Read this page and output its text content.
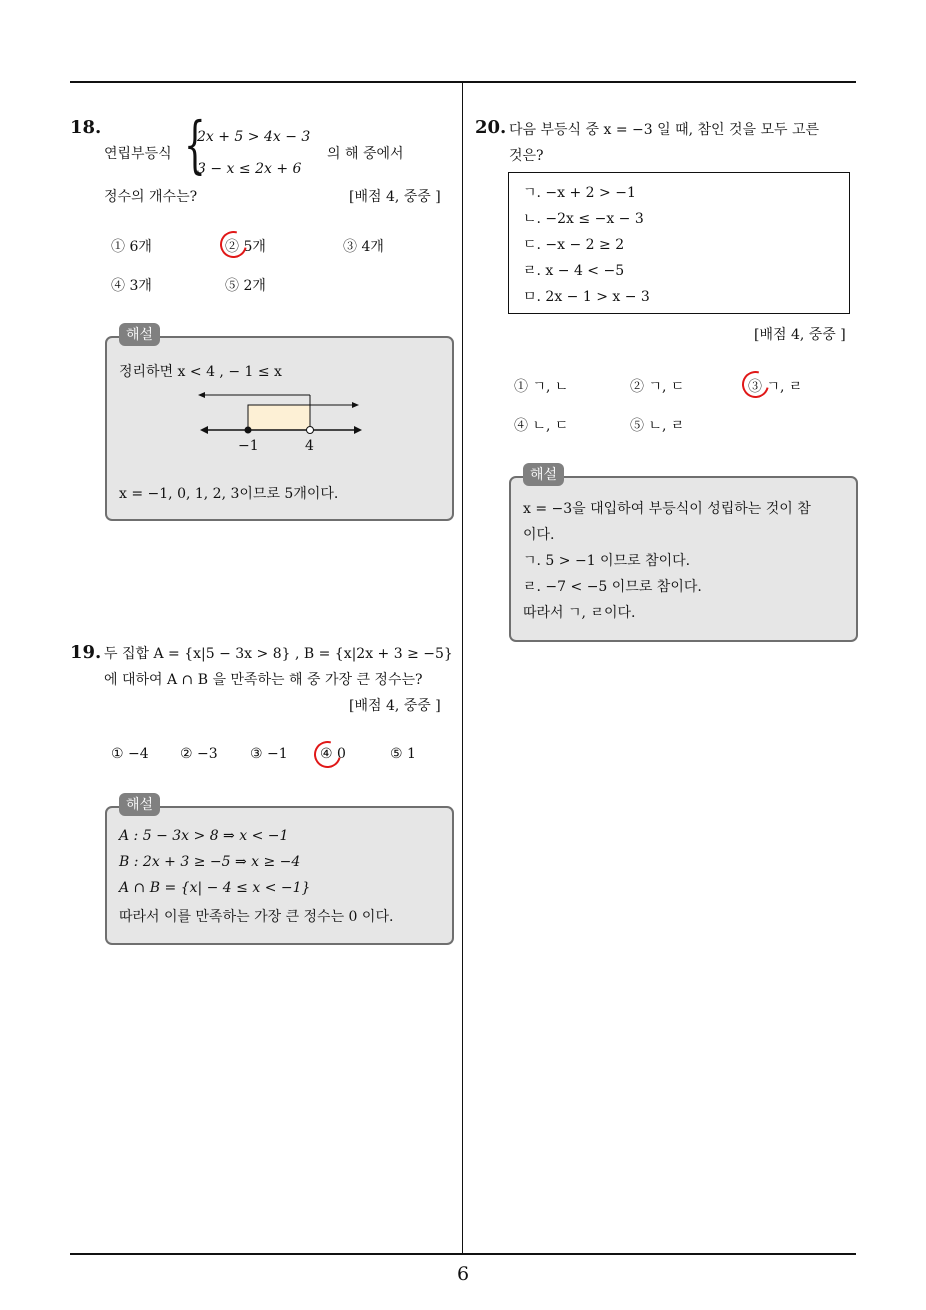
6
18.
연립부등식 {
2x + 5 > 4x − 3
3 − x ≤ 2x + 6
의 해 중에서
정수의 개수는?	[배점 4, 중중 ]
① 6개	② 5개	③ 4개
④ 3개	⑤ 2개
정리하면 x < 4 , − 1 ≤ x
−1	4
x = −1, 0, 1, 2, 3이므로 5개이다.
해설
19. 두 집합 A = {x|5 − 3x > 8} , B = {x|2x + 3 ≥ −5}
에 대하여 A ∩ B 을 만족하는 해 중 가장 큰 정수는?
[배점 4, 중중 ]
① −4 ② −3 ③ −1 ④ 0	⑤ 1
A : 5 − 3x > 8 ⇒ x < −1
B : 2x + 3 ≥ −5 ⇒ x ≥ −4
A ∩ B = {x| − 4 ≤ x < −1}
따라서 이를 만족하는 가장 큰 정수는 0 이다.
해설
20. 다음 부등식 중 x = −3 일 때, 참인 것을 모두 고른
것은?
ㄱ. −x + 2 > −1
ㄴ. −2x ≤ −x − 3
ㄷ. −x − 2 ≥ 2
ㄹ. x − 4 < −5
ㅁ. 2x − 1 > x − 3
[배점 4, 중중 ]
① ㄱ, ㄴ	② ㄱ, ㄷ	③ ㄱ, ㄹ
④ ㄴ, ㄷ	⑤ ㄴ, ㄹ
x = −3을 대입하여 부등식이 성립하는 것이 참
이다.
ㄱ. 5 > −1 이므로 참이다.
ㄹ. −7 < −5 이므로 참이다.
따라서 ㄱ, ㄹ이다.
해설
